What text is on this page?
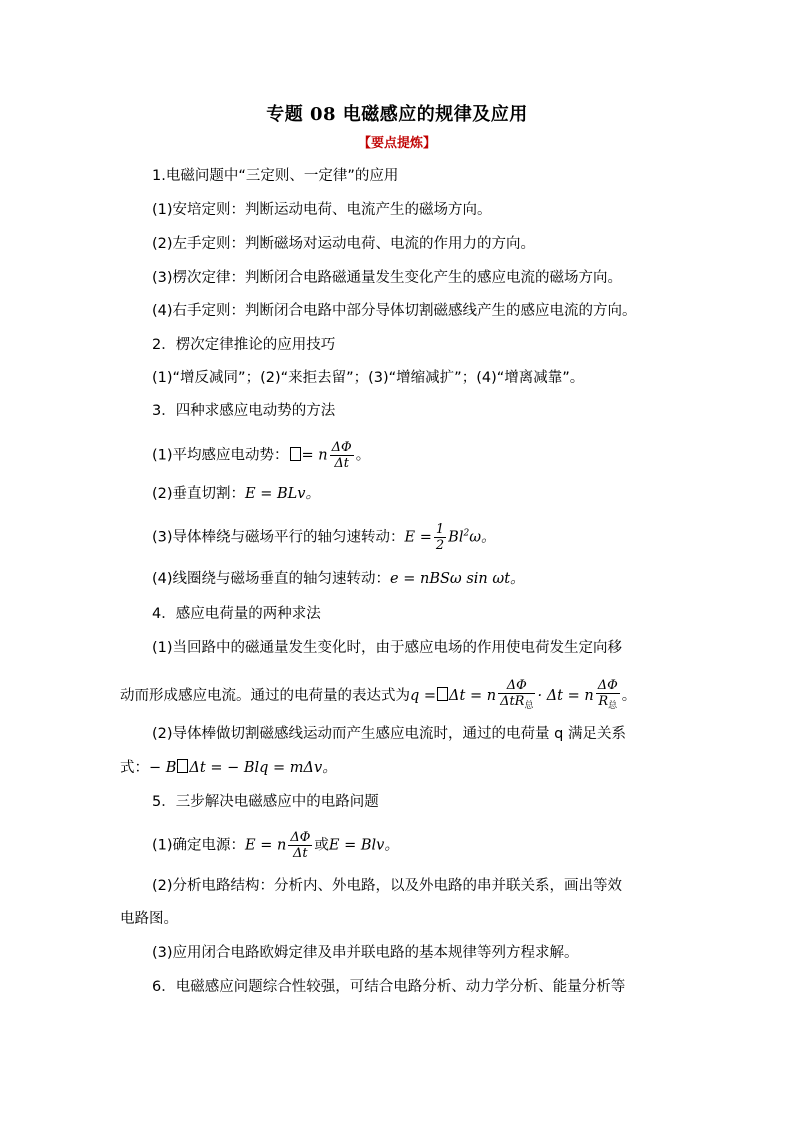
专题 08 电磁感应的规律及应用
【要点提炼】
1.电磁问题中“三定则、一定律”的应用
(1)安培定则：判断运动电荷、电流产生的磁场方向。
(2)左手定则：判断磁场对运动电荷、电流的作用力的方向。
(3)楞次定律：判断闭合电路磁通量发生变化产生的感应电流的磁场方向。
(4)右手定则：判断闭合电路中部分导体切割磁感线产生的感应电流的方向。
2．楞次定律推论的应用技巧
(1)“增反减同”；(2)“来拒去留”；(3)“增缩减扩”；(4)“增离减靠”。
3．四种求感应电动势的方法
(1)平均感应电动势： = n $\frac{\Delta\Phi}{\Delta t}$ 。
(2)垂直切割：E = BLv。
(3)导体棒绕与磁场平行的轴匀速转动：$E = \frac{1}{2} Bl^2\omega$。
(4)线圈绕与磁场垂直的轴匀速转动：e = nBSω sin ωt。
4．感应电荷量的两种求法
(1)当回路中的磁通量发生变化时，由于感应电场的作用使电荷发生定向移
动而形成感应电流。通过的电荷量的表达式为q = Δt = n $\frac{\Delta\Phi}{\Delta tR_总} \cdot \Delta t = n \frac{\Delta\Phi}{R_总}$ 。
(2)导体棒做切割磁感线运动而产生感应电流时，通过的电荷量 q 满足关系
式：− B Δt = − Blq = mΔv。
5．三步解决电磁感应中的电路问题
(1)确定电源：E = n $\frac{\Delta\Phi}{\Delta t}$ 或E = Blv。
(2)分析电路结构：分析内、外电路，以及外电路的串并联关系，画出等效
电路图。
(3)应用闭合电路欧姆定律及串并联电路的基本规律等列方程求解。
6．电磁感应问题综合性较强，可结合电路分析、动力学分析、能量分析等
